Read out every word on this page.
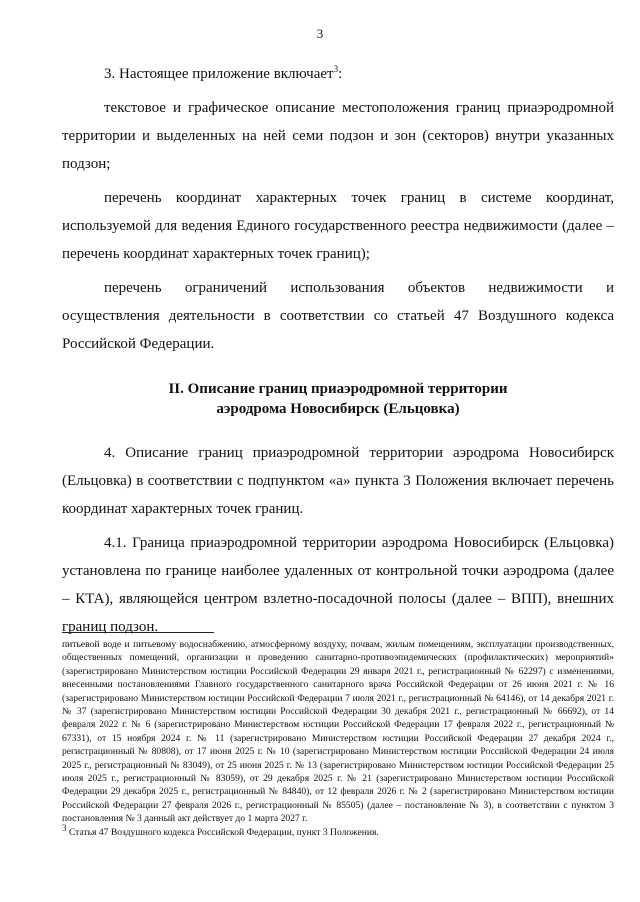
3

3. Настоящее приложение включает$^3$:

текстовое и графическое описание местоположения границ приаэродромной территории и выделенных на ней семи подзон и зон (секторов) внутри указанных подзон;

перечень координат характерных точек границ в системе координат, используемой для ведения Единого государственного реестра недвижимости (далее – перечень координат характерных точек границ);

перечень ограничений использования объектов недвижимости и осуществления деятельности в соответствии со статьей 47 Воздушного кодекса Российской Федерации.

II. Описание границ приаэродромной территории
аэродрома Новосибирск (Ельцовка)

4. Описание границ приаэродромной территории аэродрома Новосибирск (Ельцовка) в соответствии с подпунктом «а» пункта 3 Положения включает перечень координат характерных точек границ.

4.1. Граница приаэродромной территории аэродрома Новосибирск (Ельцовка) установлена по границе наиболее удаленных от контрольной точки аэродрома (далее – КТА), являющейся центром взлетно-посадочной полосы (далее – ВПП), внешних границ подзон.

питьевой воде и питьевому водоснабжению, атмосферному воздуху, почвам, жилым помещениям, эксплуатации производственных, общественных помещений, организации и проведению санитарно-противоэпидемических (профилактических) мероприятий» (зарегистрировано Министерством юстиции Российской Федерации 29 января 2021 г., регистрационный № 62297) с изменениями, внесенными постановлениями Главного государственного санитарного врача Российской Федерации от 26 июня 2021 г. № 16 (зарегистрировано Министерством юстиции Российской Федерации 7 июля 2021 г., регистрационный № 64146), от 14 декабря 2021 г. № 37 (зарегистрировано Министерством юстиции Российской Федерации 30 декабря 2021 г., регистрационный № 66692), от 14 февраля 2022 г. № 6 (зарегистрировано Министерством юстиции Российской Федерации 17 февраля 2022 г., регистрационный № 67331), от 15 ноября 2024 г. № 11 (зарегистрировано Министерством юстиции Российской Федерации 27 декабря 2024 г., регистрационный № 80808), от 17 июня 2025 г. № 10 (зарегистрировано Министерством юстиции Российской Федерации 24 июля 2025 г., регистрационный № 83049), от 25 июня 2025 г. № 13 (зарегистрировано Министерством юстиции Российской Федерации 25 июля 2025 г., регистрационный № 83059), от 29 декабря 2025 г. № 21 (зарегистрировано Министерством юстиции Российской Федерации 29 декабря 2025 г., регистрационный № 84840), от 12 февраля 2026 г. № 2 (зарегистрировано Министерством юстиции Российской Федерации 27 февраля 2026 г., регистрационный № 85505) (далее – постановление № 3), в соответствии с пунктом 3 постановления № 3 данный акт действует до 1 марта 2027 г.

$^3$ Статья 47 Воздушного кодекса Российской Федерации, пункт 3 Положения.
